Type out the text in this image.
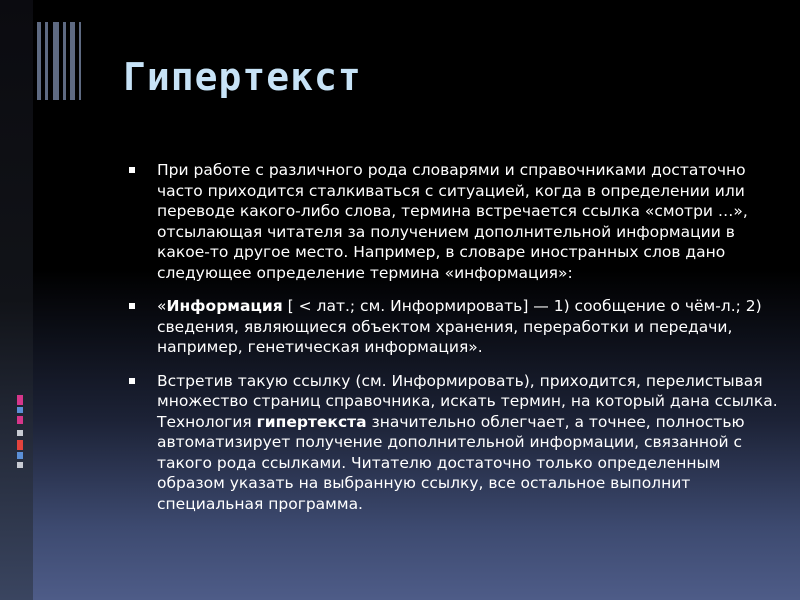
Гипертекст

При работе с различного рода словарями и справочниками достаточно часто приходится сталкиваться с ситуацией, когда в определении или переводе какого-либо слова, термина встречается ссылка «смотри …», отсылающая читателя за получением дополнительной информации в какое-то другое место. Например, в словаре иностранных слов дано следующее определение термина «информация»:

«Информация [ < лат.; см. Информировать] — 1) сообщение о чём-л.; 2) сведения, являющиеся объектом хранения, переработки и передачи, например, генетическая информация».

Встретив такую ссылку (см. Информировать), приходится, перелистывая множество страниц справочника, искать термин, на который дана ссылка. Технология гипертекста значительно облегчает, а точнее, полностью автоматизирует получение дополнительной информации, связанной с такого рода ссылками. Читателю достаточно только определенным образом указать на выбранную ссылку, все остальное выполнит специальная программа.
